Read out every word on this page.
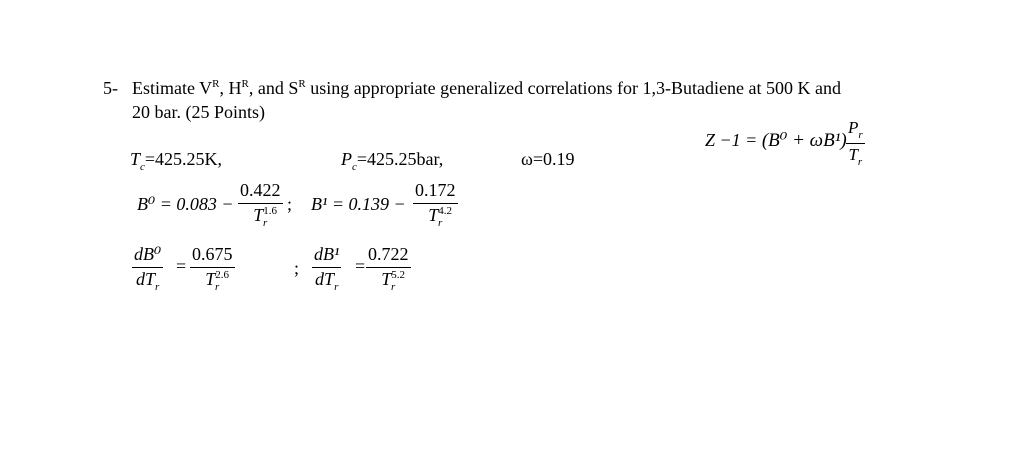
5- Estimate $V^R$, $H^R$, and $S^R$ using appropriate generalized correlations for 1,3-Butadiene at 500 K and
20 bar. (25 Points)
Z −1 = (B⁰ + ωB¹)
$P_r$
$T_r$
$T_c=425.25K$,	$P_c=425.25bar$,	ω=0.19
B⁰ = 0.083 −
0.422
$T^{1.6}_r$
; B¹ = 0.139 −
0.172
$T^{4.2}_r$
dB⁰
$dT_r$
=
0.675
$T^{2.6}_r$
;
dB¹
$dT_r$
=
0.722
$T^{5.2}_r$
